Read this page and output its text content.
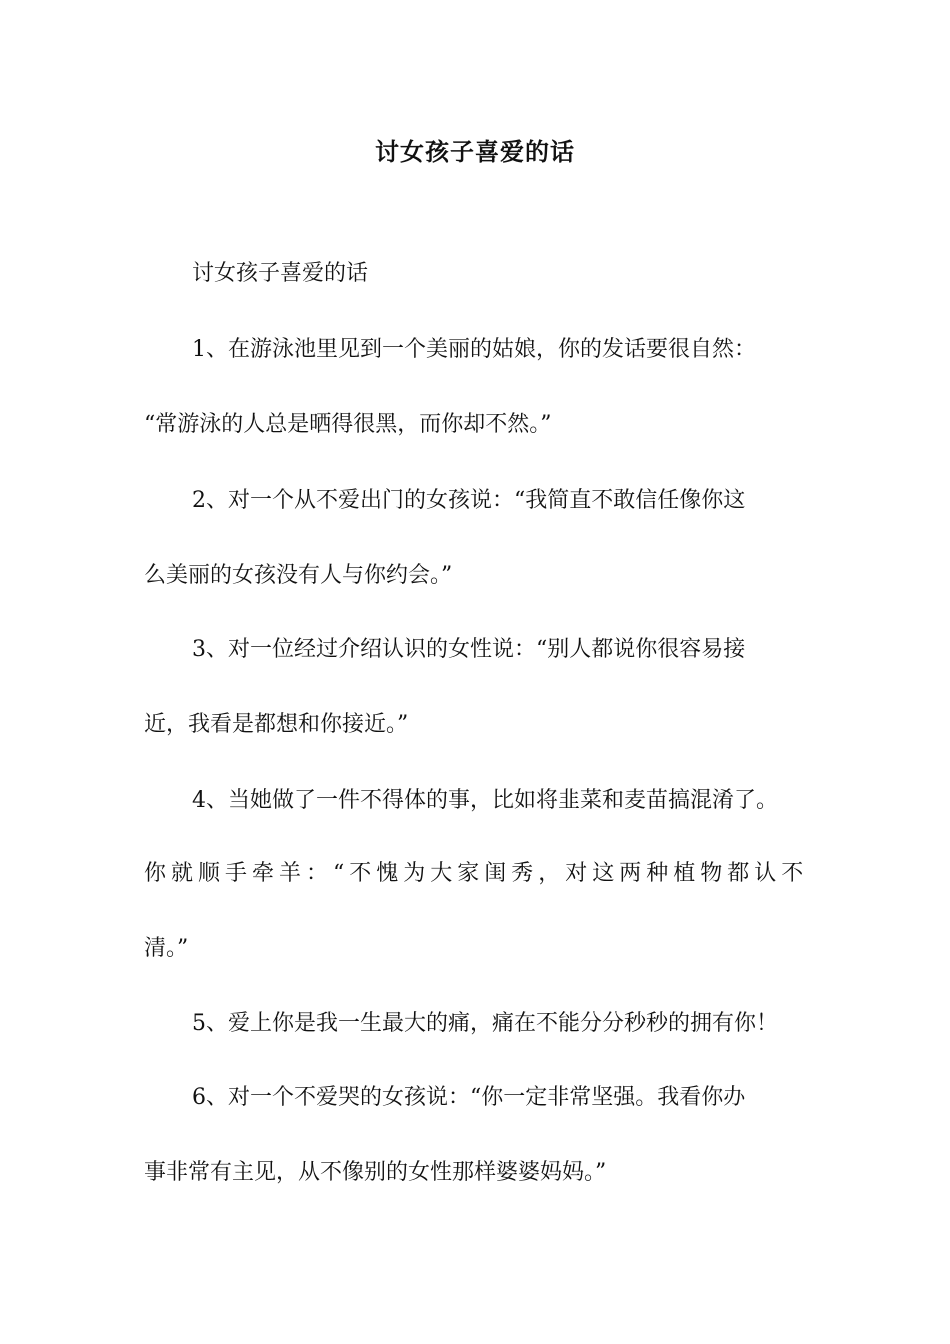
讨女孩子喜爱的话
讨女孩子喜爱的话
1、在游泳池里见到一个美丽的姑娘，你的发话要很自然：
“常游泳的人总是晒得很黑，而你却不然。”
2、对一个从不爱出门的女孩说：“我简直不敢信任像你这
么美丽的女孩没有人与你约会。”
3、对一位经过介绍认识的女性说：“别人都说你很容易接
近，我看是都想和你接近。”
4、当她做了一件不得体的事，比如将韭菜和麦苗搞混淆了。
你就顺手牵羊：“不愧为大家闺秀，对这两种植物都认不
清。”
5、爱上你是我一生最大的痛，痛在不能分分秒秒的拥有你！
6、对一个不爱哭的女孩说：“你一定非常坚强。我看你办
事非常有主见，从不像别的女性那样婆婆妈妈。”
